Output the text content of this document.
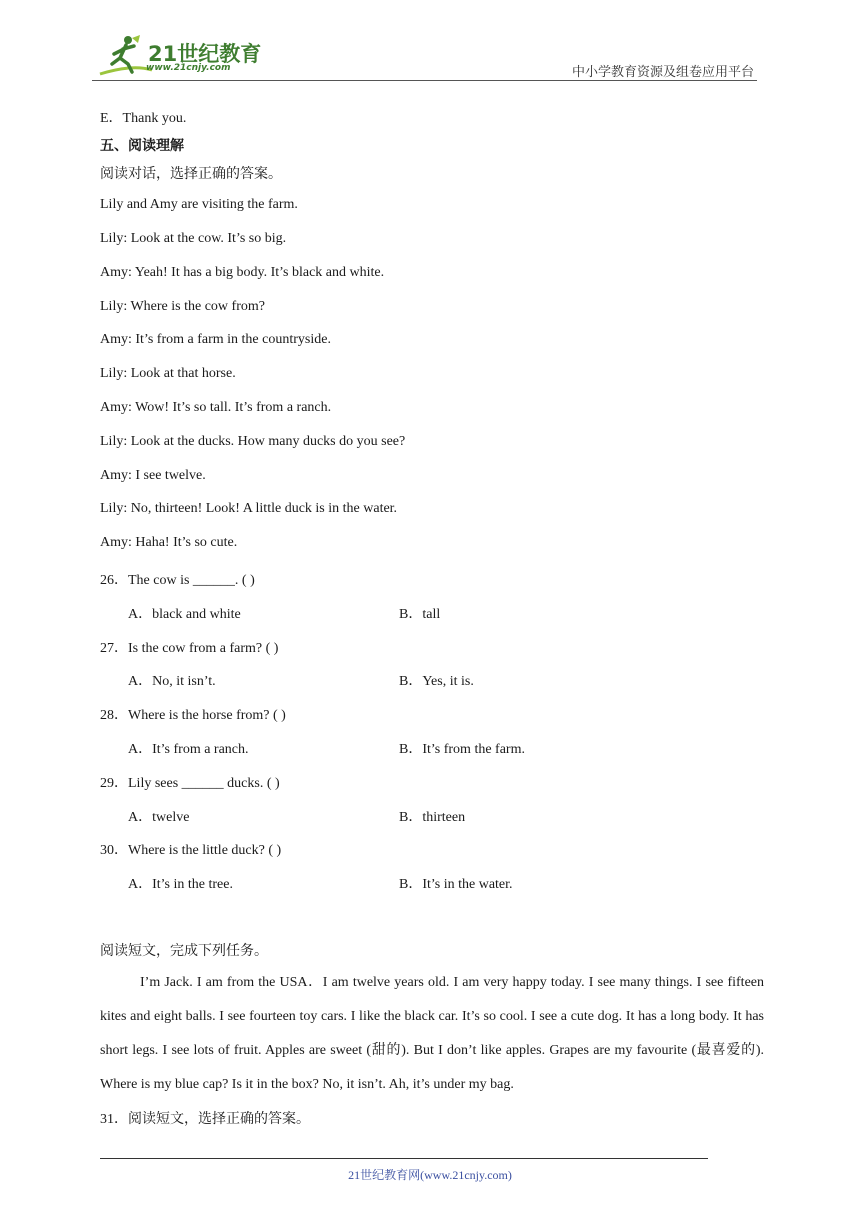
21世纪教育
www.21cnjy.com	中小学教育资源及组卷应用平台
E．Thank you.
五、阅读理解
阅读对话，选择正确的答案。
Lily and Amy are visiting the farm.
Lily: Look at the cow. It’s so big.
Amy: Yeah! It has a big body. It’s black and white.
Lily: Where is the cow from?
Amy: It’s from a farm in the countryside.
Lily: Look at that horse.
Amy: Wow! It’s so tall. It’s from a ranch.
Lily: Look at the ducks. How many ducks do you see?
Amy: I see twelve.
Lily: No, thirteen! Look! A little duck is in the water.
Amy: Haha! It’s so cute.
26．The cow is ______. ( )
A．black and white	B．tall
27．Is the cow from a farm? ( )
A．No, it isn’t.	B．Yes, it is.
28．Where is the horse from? ( )
A．It’s from a ranch.	B．It’s from the farm.
29．Lily sees ______ ducks. ( )
A．twelve	B．thirteen
30．Where is the little duck? ( )
A．It’s in the tree.	B．It’s in the water.
阅读短文，完成下列任务。
I’m Jack. I am from the USA．I am twelve years old. I am very happy today. I see many things. I see fifteen kites and eight balls. I see fourteen toy cars. I like the black car. It’s so cool. I see a cute dog. It has a long body. It has short legs. I see lots of fruit. Apples are sweet (甜的). But I don’t like apples. Grapes are my favourite (最喜爱的). Where is my blue cap? Is it in the box? No, it isn’t. Ah, it’s under my bag.
31．阅读短文，选择正确的答案。
21世纪教育网(www.21cnjy.com)
